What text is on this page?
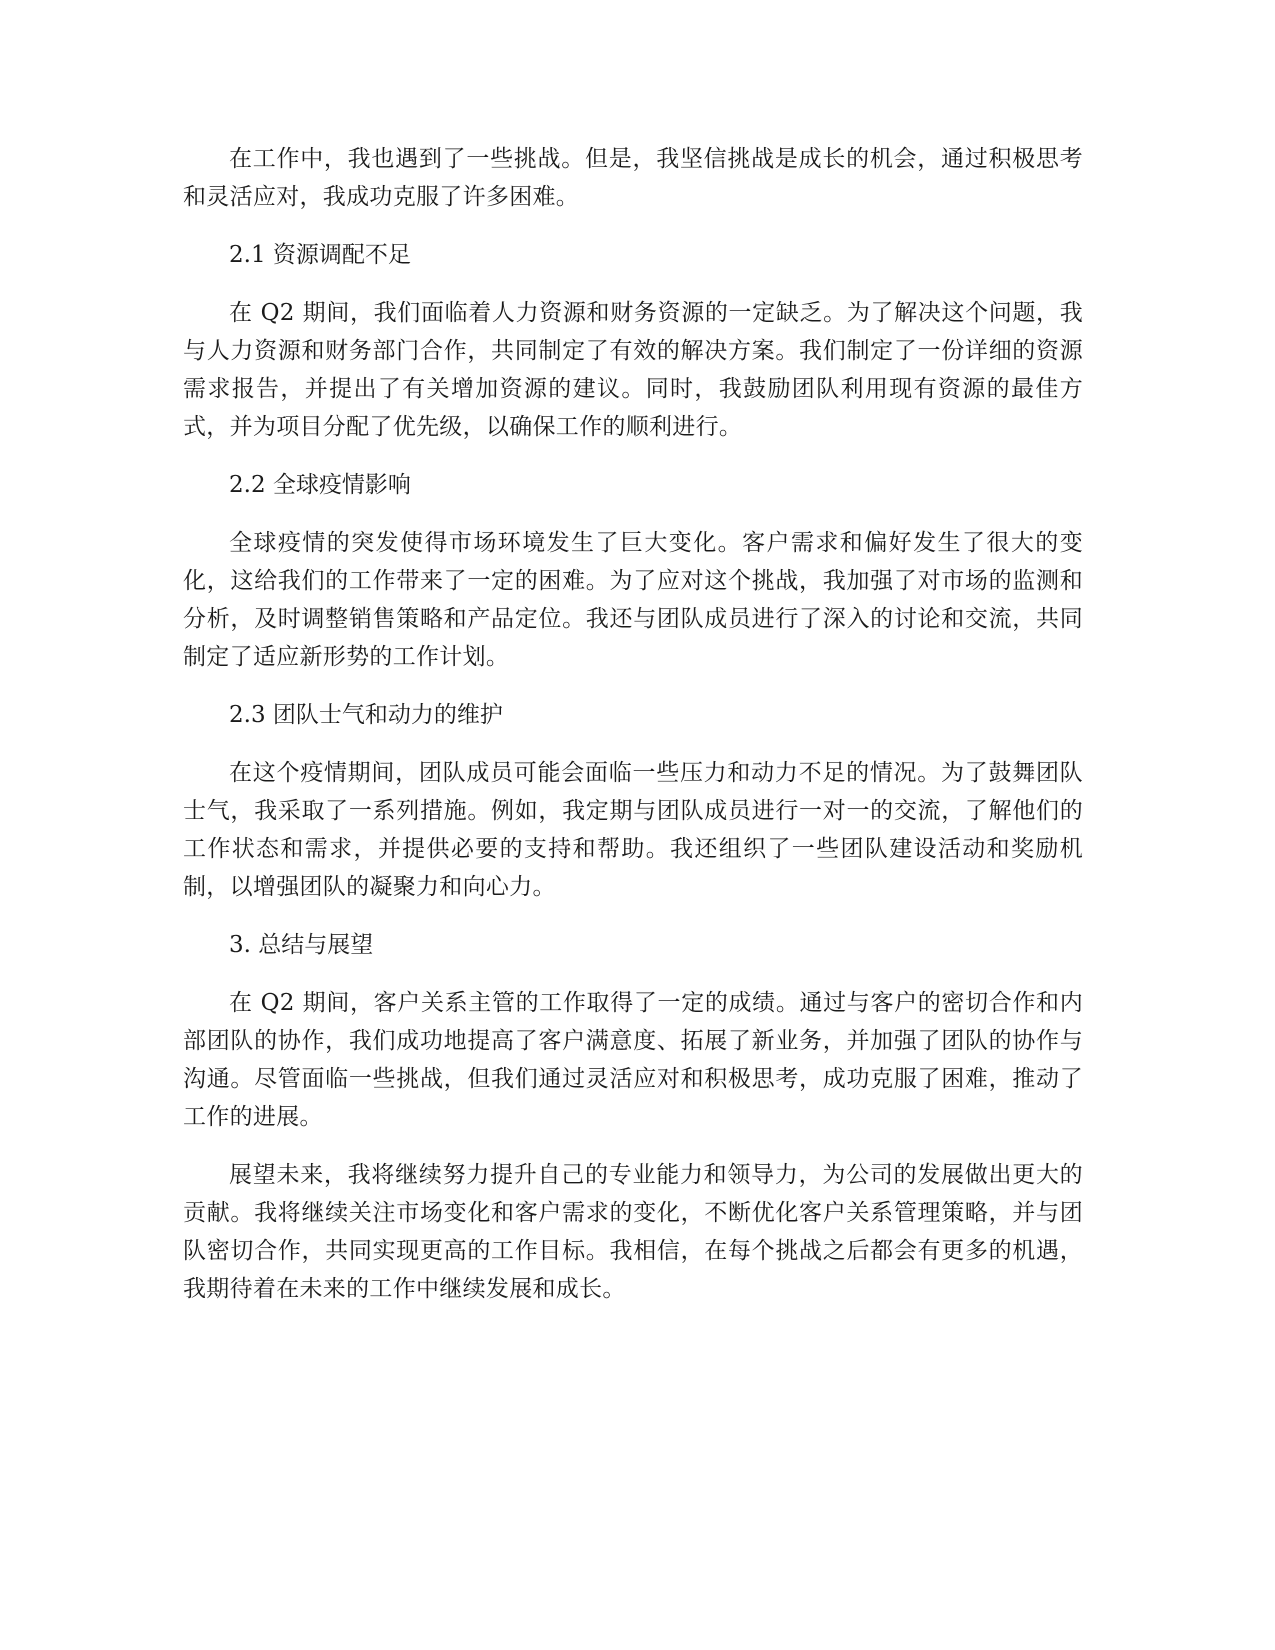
在工作中，我也遇到了一些挑战。但是，我坚信挑战是成长的机会，通过积极思考和灵活应对，我成功克服了许多困难。

2.1 资源调配不足

在 Q2 期间，我们面临着人力资源和财务资源的一定缺乏。为了解决这个问题，我与人力资源和财务部门合作，共同制定了有效的解决方案。我们制定了一份详细的资源需求报告，并提出了有关增加资源的建议。同时，我鼓励团队利用现有资源的最佳方式，并为项目分配了优先级，以确保工作的顺利进行。

2.2 全球疫情影响

全球疫情的突发使得市场环境发生了巨大变化。客户需求和偏好发生了很大的变化，这给我们的工作带来了一定的困难。为了应对这个挑战，我加强了对市场的监测和分析，及时调整销售策略和产品定位。我还与团队成员进行了深入的讨论和交流，共同制定了适应新形势的工作计划。

2.3 团队士气和动力的维护

在这个疫情期间，团队成员可能会面临一些压力和动力不足的情况。为了鼓舞团队士气，我采取了一系列措施。例如，我定期与团队成员进行一对一的交流，了解他们的工作状态和需求，并提供必要的支持和帮助。我还组织了一些团队建设活动和奖励机制，以增强团队的凝聚力和向心力。

3. 总结与展望

在 Q2 期间，客户关系主管的工作取得了一定的成绩。通过与客户的密切合作和内部团队的协作，我们成功地提高了客户满意度、拓展了新业务，并加强了团队的协作与沟通。尽管面临一些挑战，但我们通过灵活应对和积极思考，成功克服了困难，推动了工作的进展。

展望未来，我将继续努力提升自己的专业能力和领导力，为公司的发展做出更大的贡献。我将继续关注市场变化和客户需求的变化，不断优化客户关系管理策略，并与团队密切合作，共同实现更高的工作目标。我相信，在每个挑战之后都会有更多的机遇，我期待着在未来的工作中继续发展和成长。
